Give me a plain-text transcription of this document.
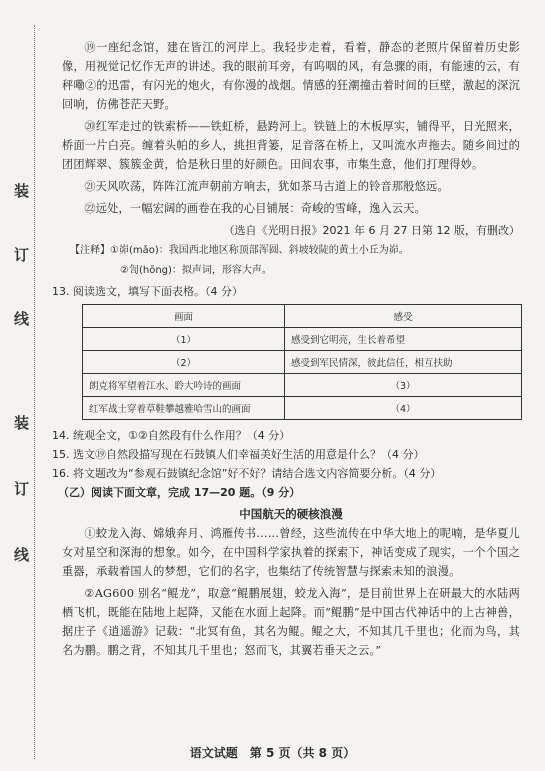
装
订
线
装
订
线

⑲一座纪念馆，建在皆江的河岸上。我轻步走着，看着，静态的老照片保留着历史影像，用视觉记忆作无声的讲述。我的眼前耳旁，有呜咽的风，有急骤的雨，有能速的云，有秤嘞②的迅雷，有闪光的炮火，有你漫的战烟。情感的狂潮撞击着时间的巨壁，激起的深沉回响，仿佛苍茫天野。

⑳红军走过的铁索桥——铁虹桥，悬跨河上。铁链上的木板厚实，铺得平，日光照来，桥面一片白亮。缠着头帕的乡人，挑担背篓，足音落在桥上，又叫流水声拖去。随乡间过的团团辉翠、簇簇金黄，恰是秋日里的好颜色。田间农事，市集生意，他们打理得妙。

㉑天风吹荡，阵阵江流声朝前方响去，犹如茶马古道上的铃音那般悠远。

㉒远处，一幅宏阔的画卷在我的心目铺展：奇峻的雪峰，逸入云天。

（选自《光明日报》2021 年 6 月 27 日第 12 版，有删改）
【注释】①峁(mǎo)：我国西北地区称顶部浑圆、斜坡较陡的黄土小丘为峁。
②訇(hōng)：拟声词，形容大声。

13. 阅读选文，填写下面表格。（4 分）

画面	感受
（1）	感受到它明亮，生长着希望
（2）	感受到军民情深，彼此信任，相互扶助
朗克将军望着江水、聆大吟诗的画面	（3）
红军战士穿着草鞋攀越雅哈雪山的画面	（4）

14. 统观全文，①②自然段有什么作用？（4 分）

15. 选文⑲自然段描写现在石鼓镇人们幸福美好生活的用意是什么？（4 分）

16. 将文题改为“参观石鼓镇纪念馆”好不好？请结合选文内容简要分析。（4 分）

（乙）阅读下面文章，完成 17—20 题。（9 分）

中国航天的硬核浪漫

①蛟龙入海、嫦娥奔月、鸿雁传书……曾经，这些流传在中华大地上的呢喃，是华夏儿女对星空和深海的想象。如今，在中国科学家执着的探索下，神话变成了现实，一个个国之重器，承载着国人的梦想，它们的名字，也集结了传统智慧与探索未知的浪漫。

②AG600 别名“鲲龙”，取意“鲲鹏展翅，蛟龙入海”，是目前世界上在研最大的水陆两栖飞机，既能在陆地上起降，又能在水面上起降。而“鲲鹏”是中国古代神话中的上古神兽，据庄子《逍遥游》记载：“北冥有鱼，其名为鲲。鲲之大，不知其几千里也；化而为鸟，其名为鹏。鹏之背，不知其几千里也；怒而飞，其翼若垂天之云。”

语文试题　第 5 页（共 8 页）
